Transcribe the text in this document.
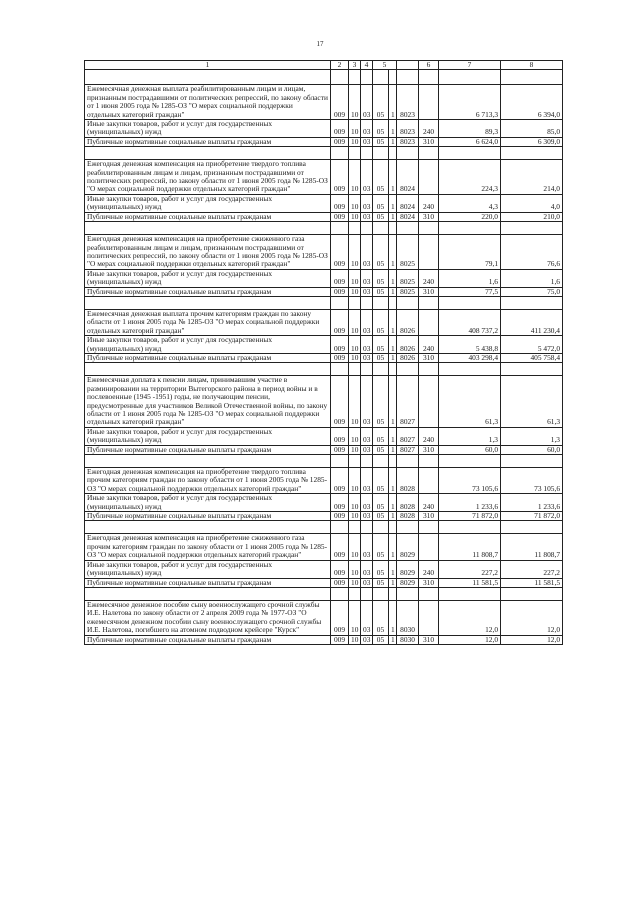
17
1	2	3	4	5			6	7	8

Ежемесячная денежная выплата реабилитированным лицам и лицам, признанным пострадавшими от политических репрессий, по закону области от 1 июня 2005 года № 1285-ОЗ "О мерах социальной поддержки отдельных категорий граждан"	009	10	03	05	1	8023		6 713,3	6 394,0
Иные закупки товаров, работ и услуг для государственных (муниципальных) нужд	009	10	03	05	1	8023	240	89,3	85,0
Публичные нормативные социальные выплаты гражданам	009	10	03	05	1	8023	310	6 624,0	6 309,0

Ежегодная денежная компенсация на приобретение твердого топлива реабилитированным лицам и лицам, признанным пострадавшими от политических репрессий, по закону области от 1 июня 2005 года № 1285-ОЗ "О мерах социальной поддержки отдельных категорий граждан"	009	10	03	05	1	8024		224,3	214,0
Иные закупки товаров, работ и услуг для государственных (муниципальных) нужд	009	10	03	05	1	8024	240	4,3	4,0
Публичные нормативные социальные выплаты гражданам	009	10	03	05	1	8024	310	220,0	210,0

Ежегодная денежная компенсация на приобретение сжиженного газа реабилитированным лицам и лицам, признанным пострадавшими от политических репрессий, по закону области от 1 июня 2005 года № 1285-ОЗ "О мерах социальной поддержки отдельных категорий граждан"	009	10	03	05	1	8025		79,1	76,6
Иные закупки товаров, работ и услуг для государственных (муниципальных) нужд	009	10	03	05	1	8025	240	1,6	1,6
Публичные нормативные социальные выплаты гражданам	009	10	03	05	1	8025	310	77,5	75,0

Ежемесячная денежная выплата прочим категориям граждан по закону области от 1 июня 2005 года № 1285-ОЗ "О мерах социальной поддержки отдельных категорий граждан"	009	10	03	05	1	8026		408 737,2	411 230,4
Иные закупки товаров, работ и услуг для государственных (муниципальных) нужд	009	10	03	05	1	8026	240	5 438,8	5 472,0
Публичные нормативные социальные выплаты гражданам	009	10	03	05	1	8026	310	403 298,4	405 758,4

Ежемесячная доплата к пенсии лицам, принимавшим участие в разминировании на территории Вытегорского района в период войны и в послевоенные (1945 -1951) годы, не получающим пенсии, предусмотренные для участников Великой Отечественной войны, по закону области от 1 июня 2005 года № 1285-ОЗ "О мерах социальной поддержки отдельных категорий граждан"	009	10	03	05	1	8027		61,3	61,3
Иные закупки товаров, работ и услуг для государственных (муниципальных) нужд	009	10	03	05	1	8027	240	1,3	1,3
Публичные нормативные социальные выплаты гражданам	009	10	03	05	1	8027	310	60,0	60,0

Ежегодная денежная компенсация на приобретение твердого топлива прочим категориям граждан по закону области от 1 июня 2005 года № 1285-ОЗ "О мерах социальной поддержки отдельных категорий граждан"	009	10	03	05	1	8028		73 105,6	73 105,6
Иные закупки товаров, работ и услуг для государственных (муниципальных) нужд	009	10	03	05	1	8028	240	1 233,6	1 233,6
Публичные нормативные социальные выплаты гражданам	009	10	03	05	1	8028	310	71 872,0	71 872,0

Ежегодная денежная компенсация на приобретение сжиженного газа прочим категориям граждан по закону области от 1 июня 2005 года № 1285-ОЗ "О мерах социальной поддержки отдельных категорий граждан"	009	10	03	05	1	8029		11 808,7	11 808,7
Иные закупки товаров, работ и услуг для государственных (муниципальных) нужд	009	10	03	05	1	8029	240	227,2	227,2
Публичные нормативные социальные выплаты гражданам	009	10	03	05	1	8029	310	11 581,5	11 581,5

Ежемесячное денежное пособие сыну военнослужащего срочной службы И.Е. Налетова по закону области от 2 апреля 2009 года № 1977-ОЗ "О ежемесячном денежном пособии сыну военнослужащего срочной службы И.Е. Налетова, погибшего на атомном подводном крейсере "Курск"	009	10	03	05	1	8030		12,0	12,0
Публичные нормативные социальные выплаты гражданам	009	10	03	05	1	8030	310	12,0	12,0
